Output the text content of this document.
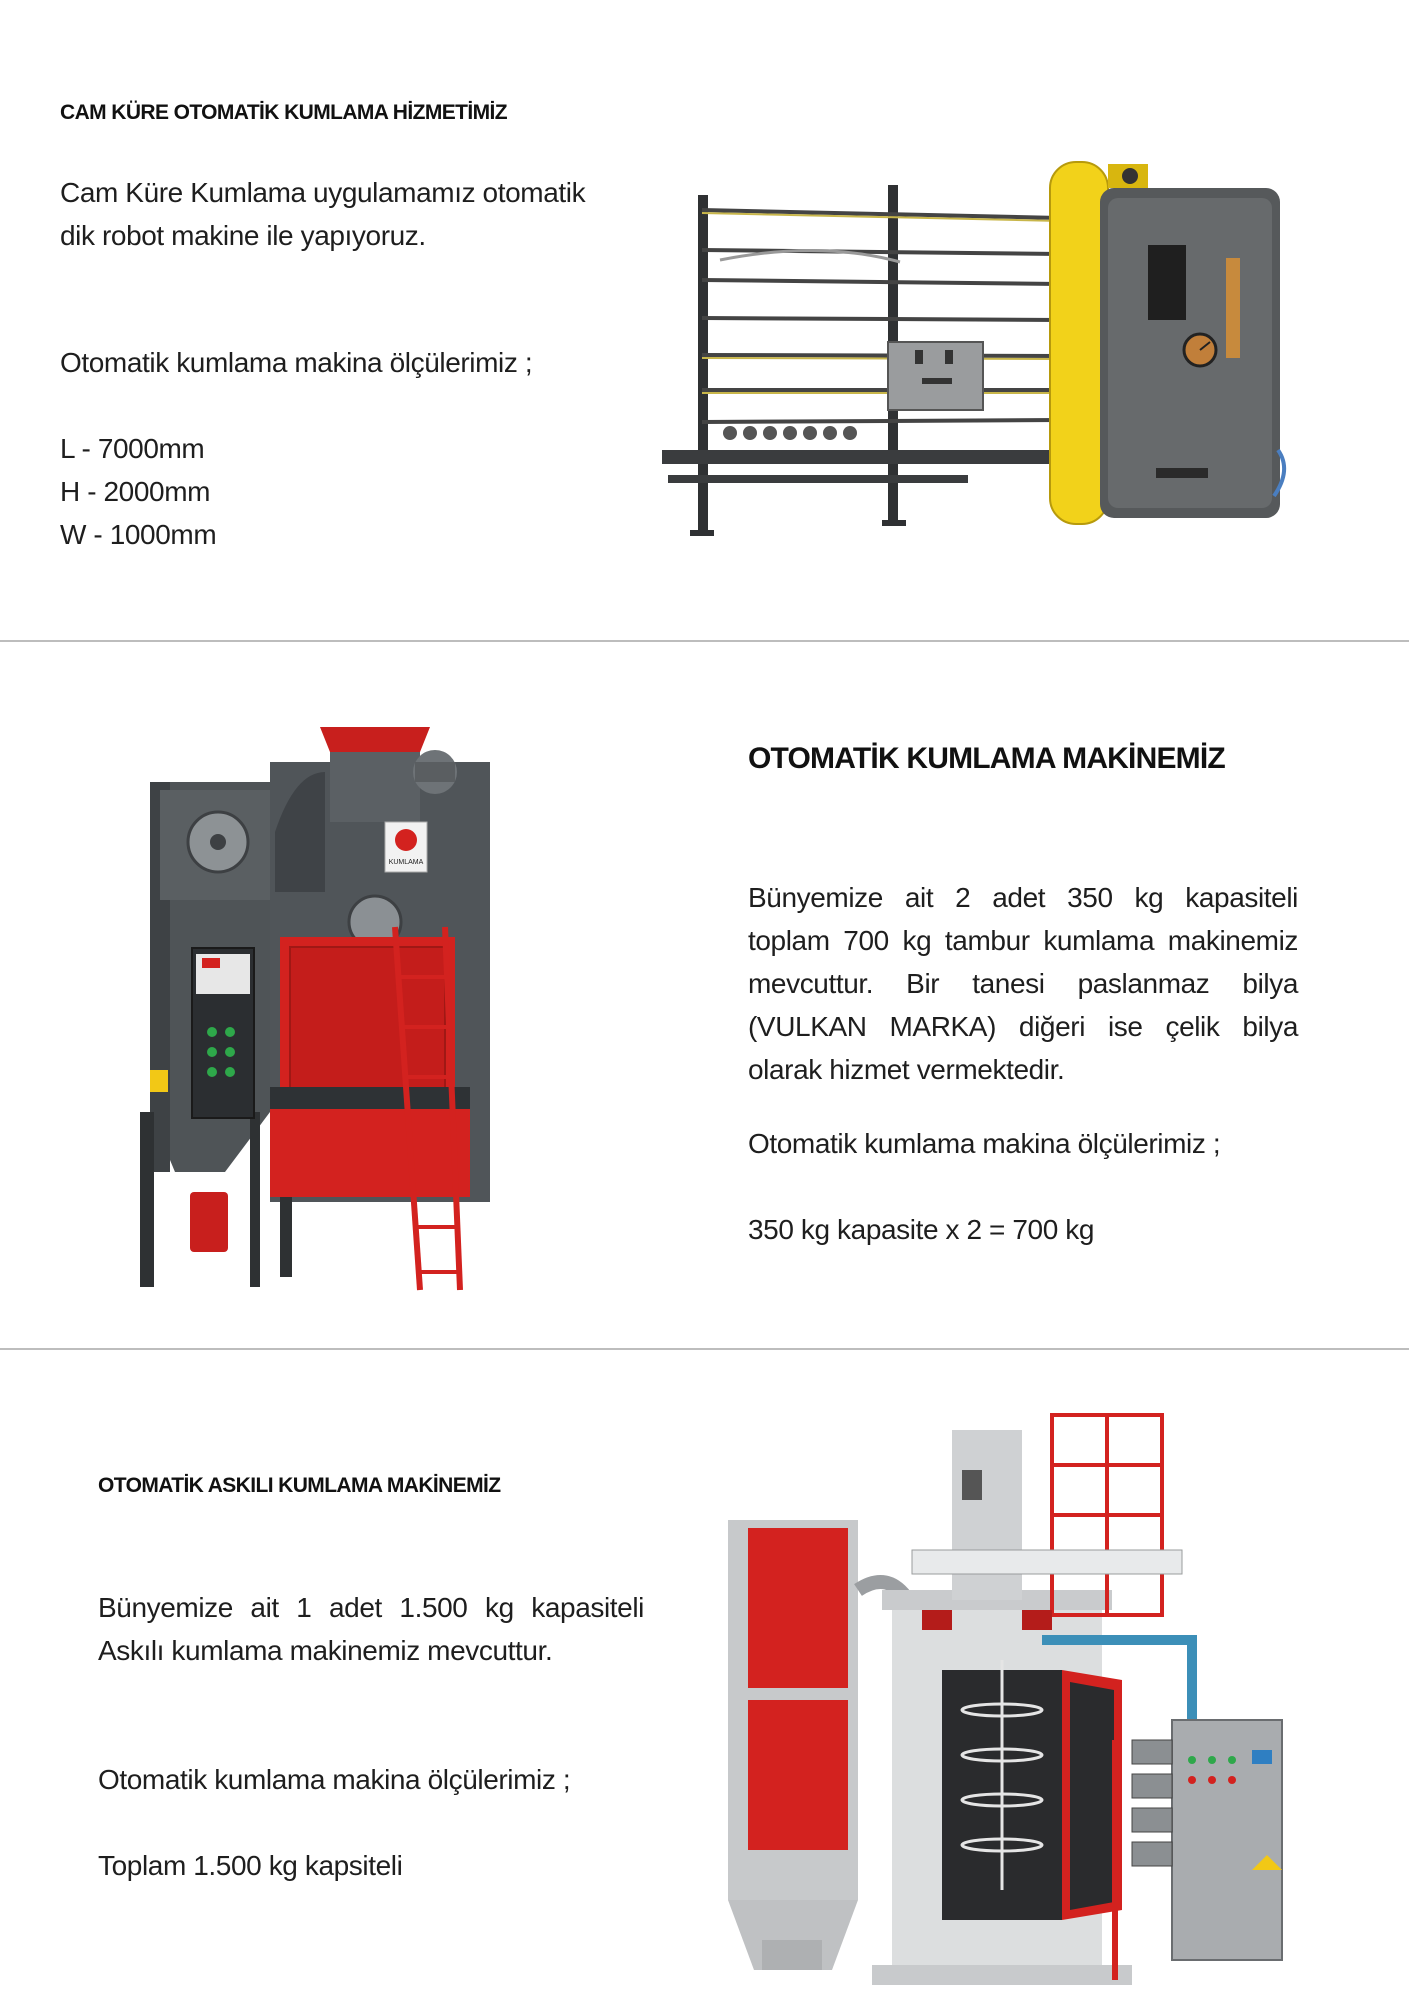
CAM KÜRE OTOMATİK KUMLAMA HİZMETİMİZ

Cam Küre Kumlama uygulamamız otomatik

dik robot makine ile yapıyoruz.

Otomatik kumlama makina ölçülerimiz ;

L - 7000mm

H - 2000mm

W - 1000mm

KUMLAMA
OTOMATİK KUMLAMA MAKİNEMİZ
Bünyemize ait 2 adet 350 kg kapasiteli toplam 700 kg tambur kumlama makinemiz mevcuttur. Bir tanesi paslanmaz bilya (VULKAN MARKA) diğeri ise çelik bilya olarak hizmet vermektedir.
Otomatik kumlama makina ölçülerimiz ;
350 kg kapasite x 2 = 700 kg
OTOMATİK ASKILI KUMLAMA MAKİNEMİZ
Bünyemize ait 1 adet 1.500 kg kapasiteli Askılı kumlama makinemiz mevcuttur.
Otomatik kumlama makina ölçülerimiz ;
Toplam 1.500 kg kapsiteli
